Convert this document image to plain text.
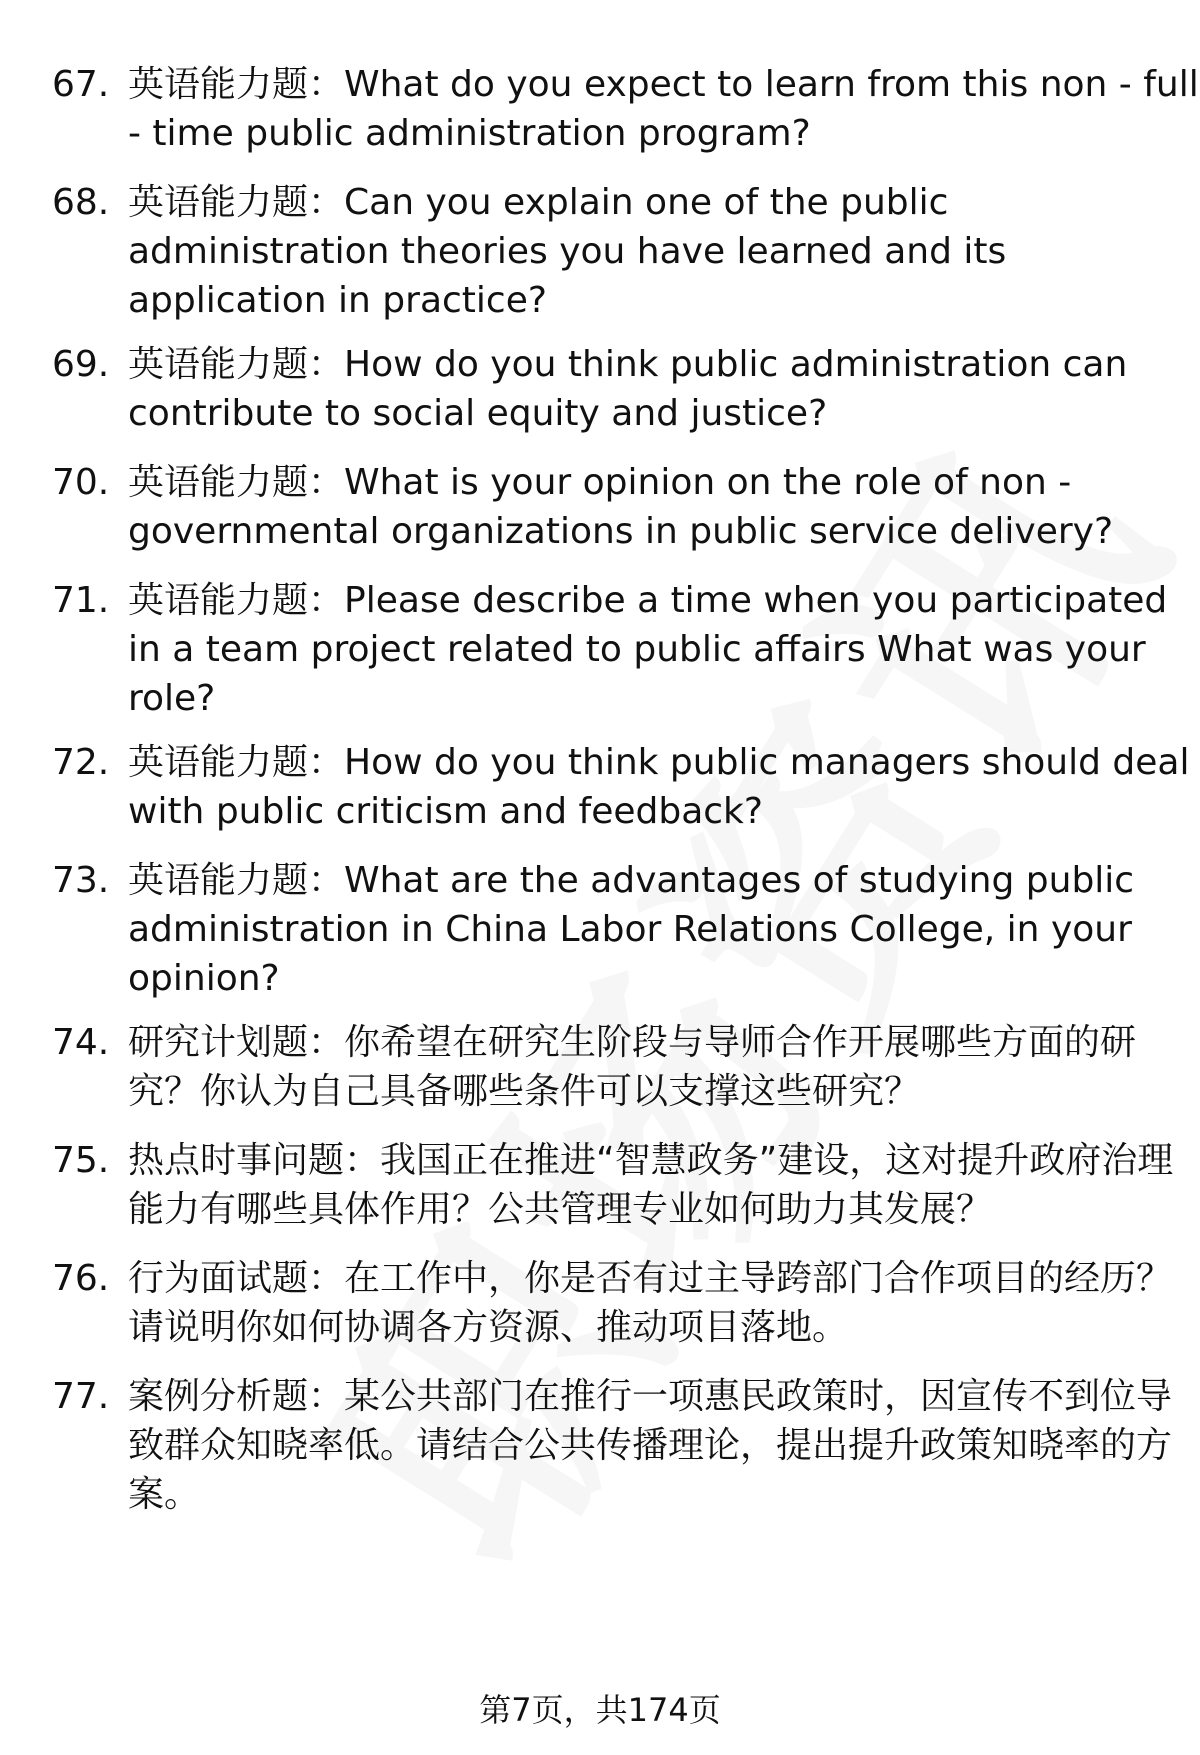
67. 英语能力题：What do you expect to learn from this non - full - time public administration program?
68. 英语能力题：Can you explain one of the public administration theories you have learned and its application in practice?
69. 英语能力题：How do you think public administration can contribute to social equity and justice?
70. 英语能力题：What is your opinion on the role of non - governmental organizations in public service delivery?
71. 英语能力题：Please describe a time when you participated in a team project related to public affairs What was your role?
72. 英语能力题：How do you think public managers should deal with public criticism and feedback?
73. 英语能力题：What are the advantages of studying public administration in China Labor Relations College, in your opinion?
74. 研究计划题：你希望在研究生阶段与导师合作开展哪些方面的研究？你认为自己具备哪些条件可以支撑这些研究？
75. 热点时事问题：我国正在推进“智慧政务”建设，这对提升政府治理能力有哪些具体作用？公共管理专业如何助力其发展？
76. 行为面试题：在工作中，你是否有过主导跨部门合作项目的经历？请说明你如何协调各方资源、推动项目落地。
77. 案例分析题：某公共部门在推行一项惠民政策时，因宣传不到位导致群众知晓率低。请结合公共传播理论，提出提升政策知晓率的方案。
第7页，共174页
